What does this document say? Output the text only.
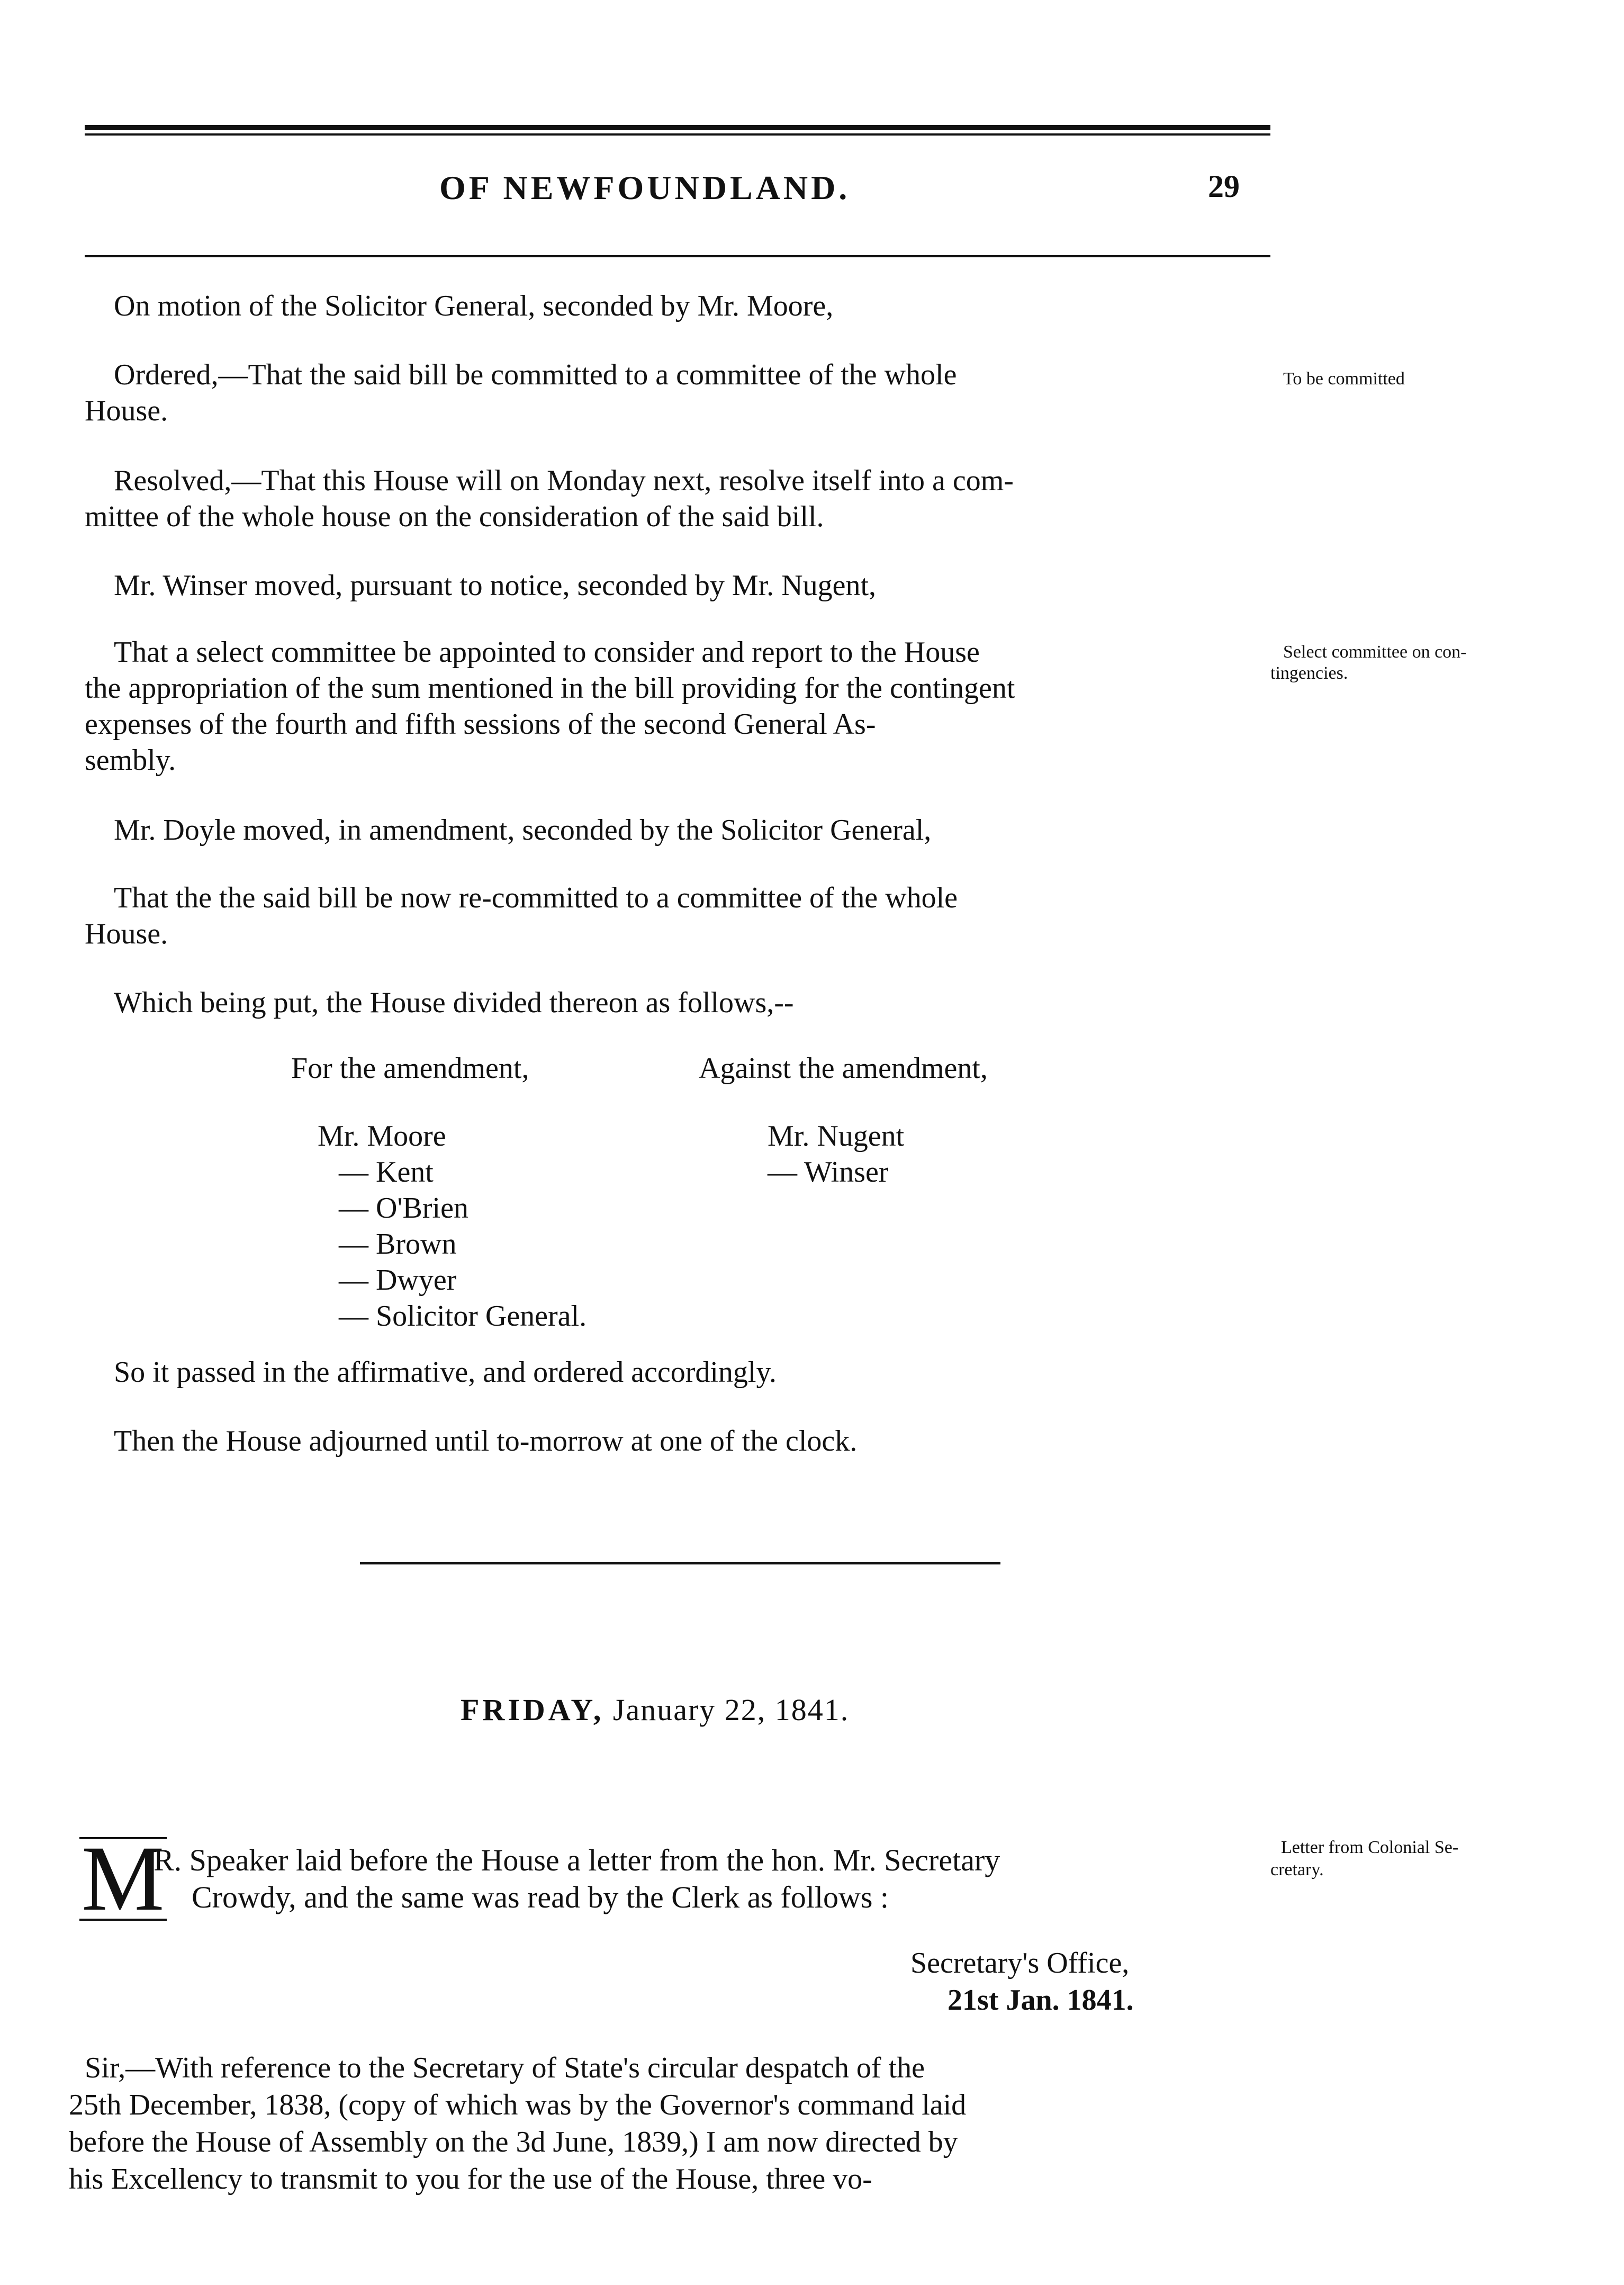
OF NEWFOUNDLAND.	29
On motion of the Solicitor General, seconded by Mr. Moore,
Ordered,—That the said bill be committed to a committee of the whole
House.
Resolved,—That this House will on Monday next, resolve itself into a com-
mittee of the whole house on the consideration of the said bill.
Mr. Winser moved, pursuant to notice, seconded by Mr. Nugent,
That a select committee be appointed to consider and report to the House
the appropriation of the sum mentioned in the bill providing for the contingent
expenses of the fourth and fifth sessions of the second General As-
sembly.
Mr. Doyle moved, in amendment, seconded by the Solicitor General,
That the the said bill be now re-committed to a committee of the whole
House.
Which being put, the House divided thereon as follows,--
For the amendment,	Against the amendment,
Mr. Moore
— Kent
— O'Brien
— Brown
— Dwyer
— Solicitor General.
Mr. Nugent
— Winser
So it passed in the affirmative, and ordered accordingly.
Then the House adjourned until to-morrow at one of the clock.
FRIDAY, January 22, 1841.
M
R. Speaker laid before the House a letter from the hon. Mr. Secretary
Crowdy, and the same was read by the Clerk as follows :
Secretary's Office,
21st Jan. 1841.
Sir,—With reference to the Secretary of State's circular despatch of the
25th December, 1838, (copy of which was by the Governor's command laid
before the House of Assembly on the 3d June, 1839,) I am now directed by
his Excellency to transmit to you for the use of the House, three vo-
To be committed
Select committee on con-
tingencies.
Letter from Colonial Se-
cretary.
